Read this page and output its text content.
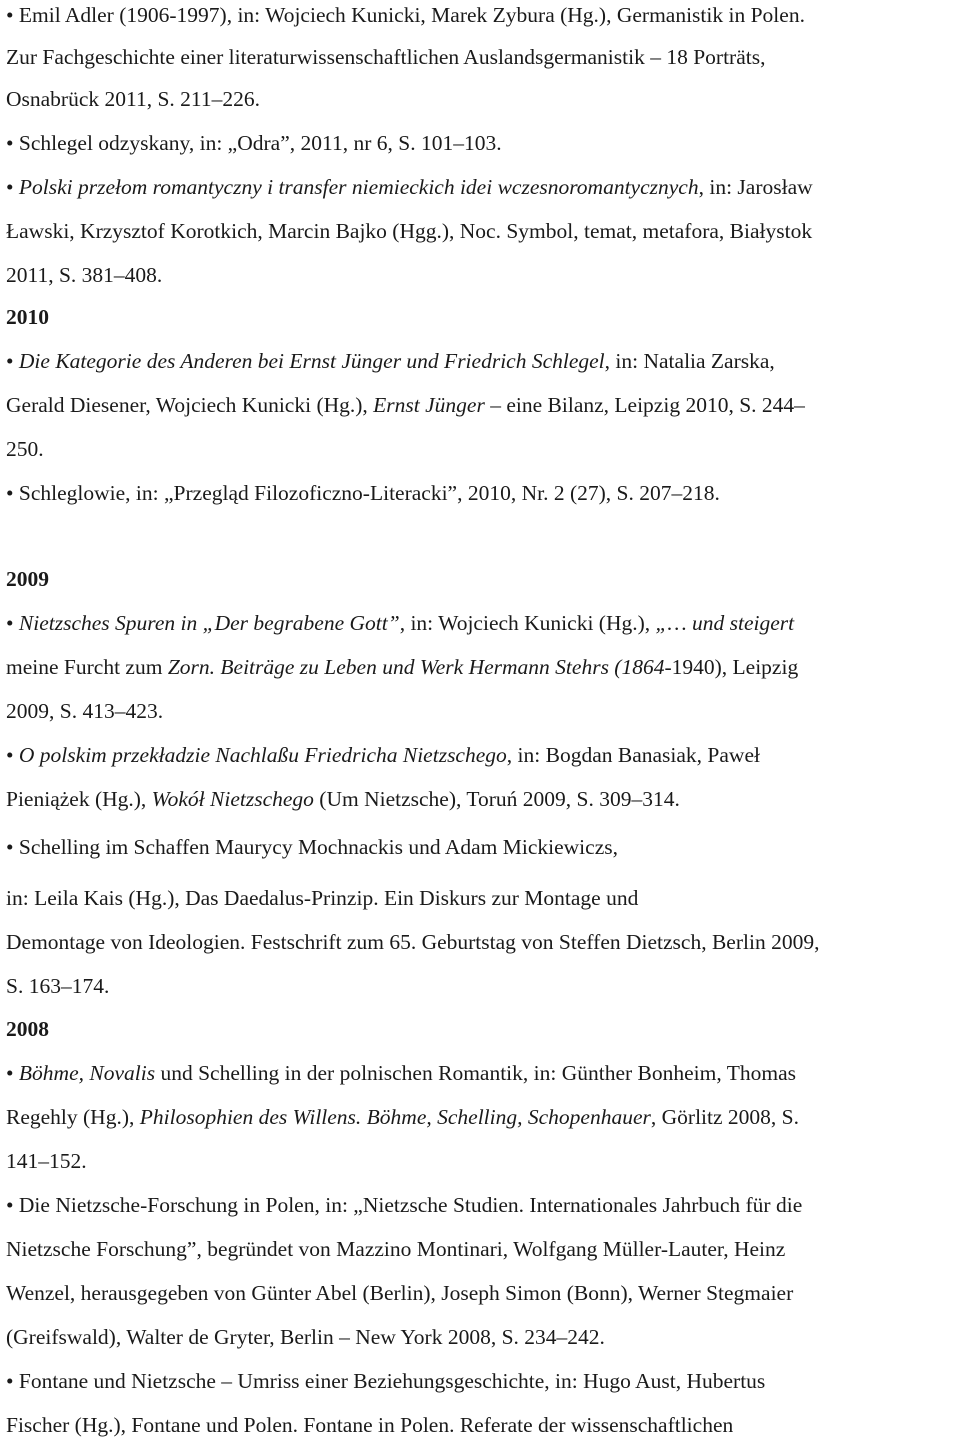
• Emil Adler (1906-1997), in: Wojciech Kunicki, Marek Zybura (Hg.), Germanistik in Polen.
Zur Fachgeschichte einer literaturwissenschaftlichen Auslandsgermanistik – 18 Porträts,
Osnabrück 2011, S. 211–226.
• Schlegel odzyskany, in: „Odra”, 2011, nr 6, S. 101–103.
• Polski przełom romantyczny i transfer niemieckich idei wczesnoromantycznych, in: Jarosław
Ławski, Krzysztof Korotkich, Marcin Bajko (Hgg.), Noc. Symbol, temat, metafora, Białystok
2011, S. 381–408.
2010
• Die Kategorie des Anderen bei Ernst Jünger und Friedrich Schlegel, in: Natalia Zarska,
Gerald Diesener, Wojciech Kunicki (Hg.), Ernst Jünger – eine Bilanz, Leipzig 2010, S. 244–
250.
• Schleglowie, in: „Przegląd Filozoficzno-Literacki”, 2010, Nr. 2 (27), S. 207–218.
2009
• Nietzsches Spuren in „Der begrabene Gott”, in: Wojciech Kunicki (Hg.), „… und steigert
meine Furcht zum Zorn. Beiträge zu Leben und Werk Hermann Stehrs (1864-1940), Leipzig
2009, S. 413–423.
• O polskim przekładzie Nachlaßu Friedricha Nietzschego, in: Bogdan Banasiak, Paweł
Pieniążek (Hg.), Wokół Nietzschego (Um Nietzsche), Toruń 2009, S. 309–314.
• Schelling im Schaffen Maurycy Mochnackis und Adam Mickiewiczs,
in: Leila Kais (Hg.), Das Daedalus-Prinzip. Ein Diskurs zur Montage und
Demontage von Ideologien. Festschrift zum 65. Geburtstag von Steffen Dietzsch, Berlin 2009,
S. 163–174.
2008
• Böhme, Novalis und Schelling in der polnischen Romantik, in: Günther Bonheim, Thomas
Regehly (Hg.), Philosophien des Willens. Böhme, Schelling, Schopenhauer, Görlitz 2008, S.
141–152.
• Die Nietzsche-Forschung in Polen, in: „Nietzsche Studien. Internationales Jahrbuch für die
Nietzsche Forschung”, begründet von Mazzino Montinari, Wolfgang Müller-Lauter, Heinz
Wenzel, herausgegeben von Günter Abel (Berlin), Joseph Simon (Bonn), Werner Stegmaier
(Greifswald), Walter de Gryter, Berlin – New York 2008, S. 234–242.
• Fontane und Nietzsche – Umriss einer Beziehungsgeschichte, in: Hugo Aust, Hubertus
Fischer (Hg.), Fontane und Polen. Fontane in Polen. Referate der wissenschaftlichen
